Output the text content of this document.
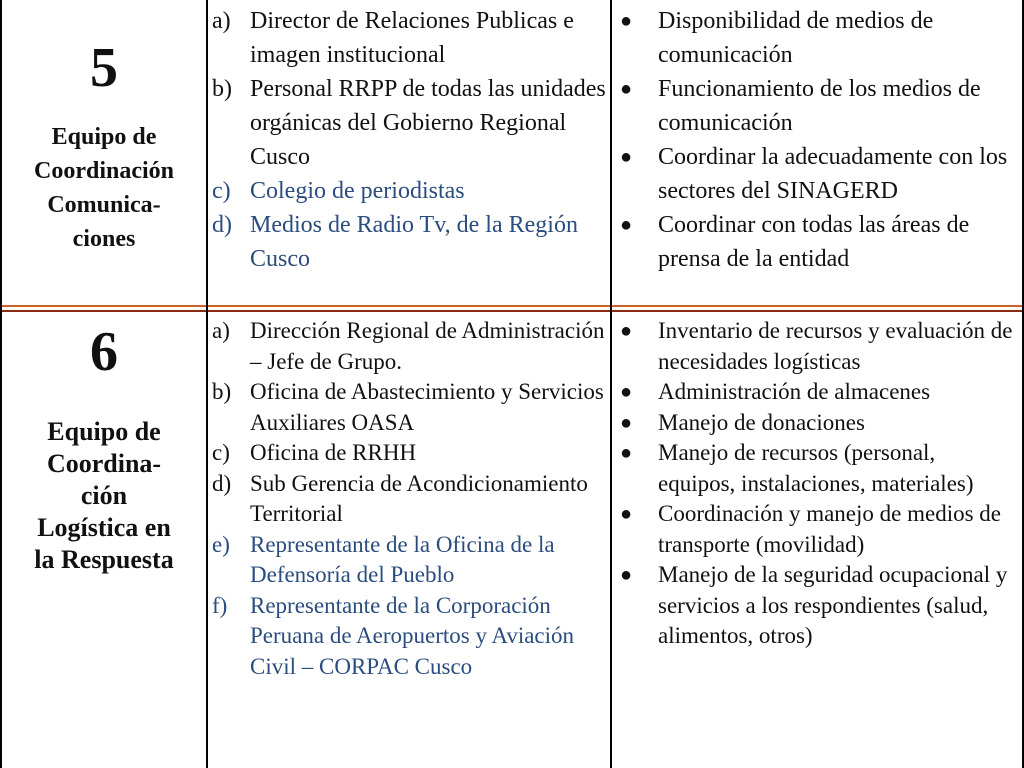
5
Equipo de
Coordinación
Comunica-
ciones
a) Director de Relaciones Publicas e imagen institucional
b) Personal RRPP de todas las unidades orgánicas del Gobierno Regional Cusco
c) Colegio de periodistas
d) Medios de Radio Tv, de la Región Cusco
● Disponibilidad de medios de comunicación
● Funcionamiento de los medios de comunicación
● Coordinar la adecuadamente con los sectores del SINAGERD
● Coordinar con todas las áreas de prensa de la entidad
6
Equipo de
Coordina-
ción
Logística en
la Respuesta
a) Dirección Regional de Administración – Jefe de Grupo.
b) Oficina de Abastecimiento y Servicios Auxiliares OASA
c) Oficina de RRHH
d) Sub Gerencia de Acondicionamiento Territorial
e) Representante de la Oficina de la Defensoría del Pueblo
f) Representante de la Corporación Peruana de Aeropuertos y Aviación Civil – CORPAC Cusco
● Inventario de recursos y evaluación de necesidades logísticas
● Administración de almacenes
● Manejo de donaciones
● Manejo de recursos (personal, equipos, instalaciones, materiales)
● Coordinación y manejo de medios de transporte (movilidad)
● Manejo de la seguridad ocupacional y servicios a los respondientes (salud, alimentos, otros)
